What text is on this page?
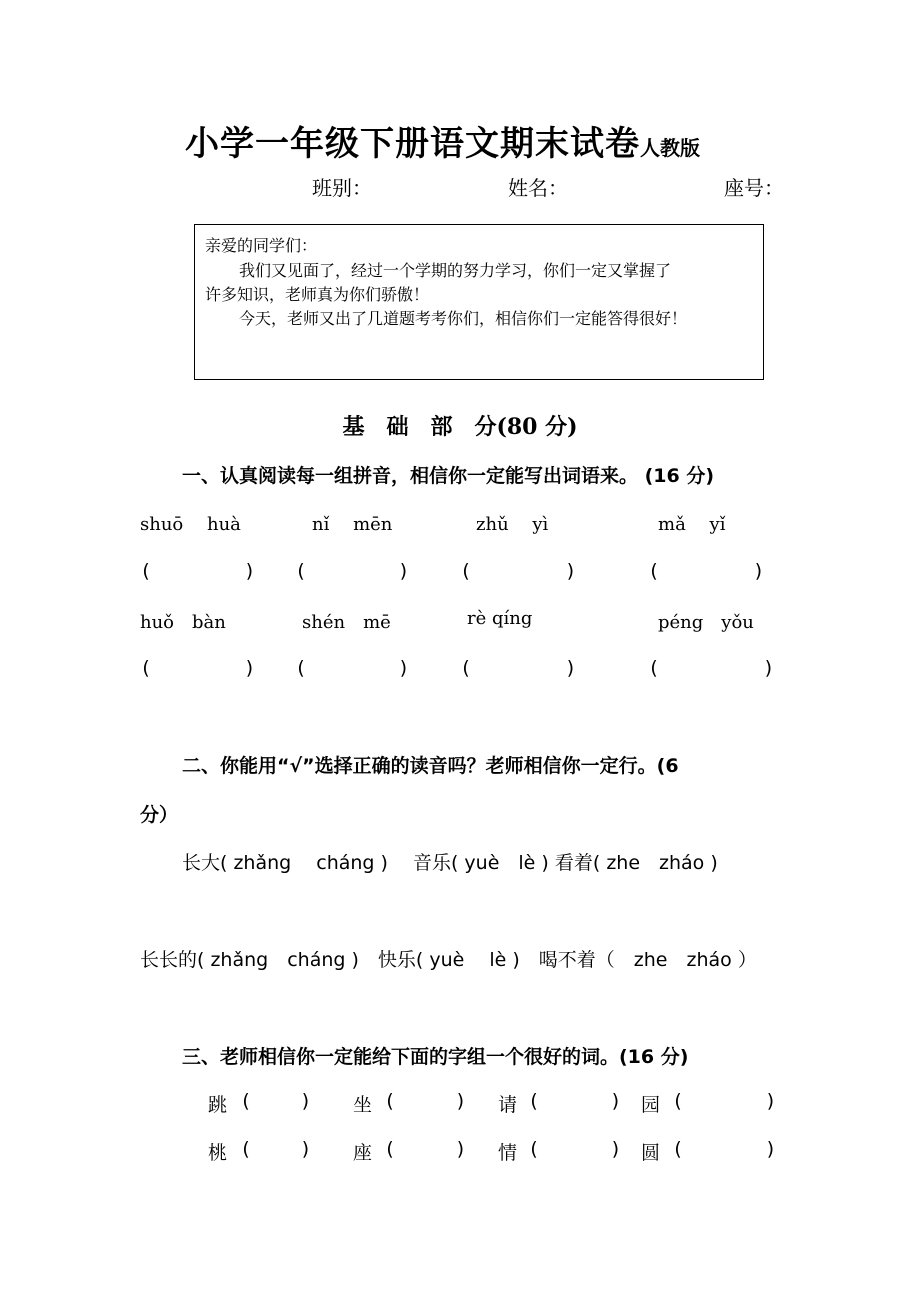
小学一年级下册语文期末试卷人教版
班别：	姓名：	座号：
亲爱的同学们：
我们又见面了，经过一个学期的努力学习，你们一定又掌握了
许多知识，老师真为你们骄傲！
今天，老师又出了几道题考考你们，相信你们一定能答得很好！
基　础　部　分(80 分)
一、认真阅读每一组拼音，相信你一定能写出词语来。 (16 分)
shuō　 huà	nǐ　 mēn	zhǔ　 yì	mǎ　 yǐ
(	) (	)	(	)	(	)
huǒ　bàn	shén　mē	rè qíng	péng　yǒu
(	) (	)	(	)	(	)
二、你能用“√”选择正确的读音吗？老师相信你一定行。(6
分）
长大( zhǎng　 cháng )　 音乐( yuè　lè ) 看着( zhe　zháo )
长长的( zhǎng　cháng )　快乐( yuè　 lè )　喝不着（　zhe　zháo ）
三、老师相信你一定能给下面的字组一个很好的词。(16 分)
跳 (	) 坐 (	) 请 (	) 园 (	)
桃 (	) 座 (	) 情 (	) 圆 (	)
